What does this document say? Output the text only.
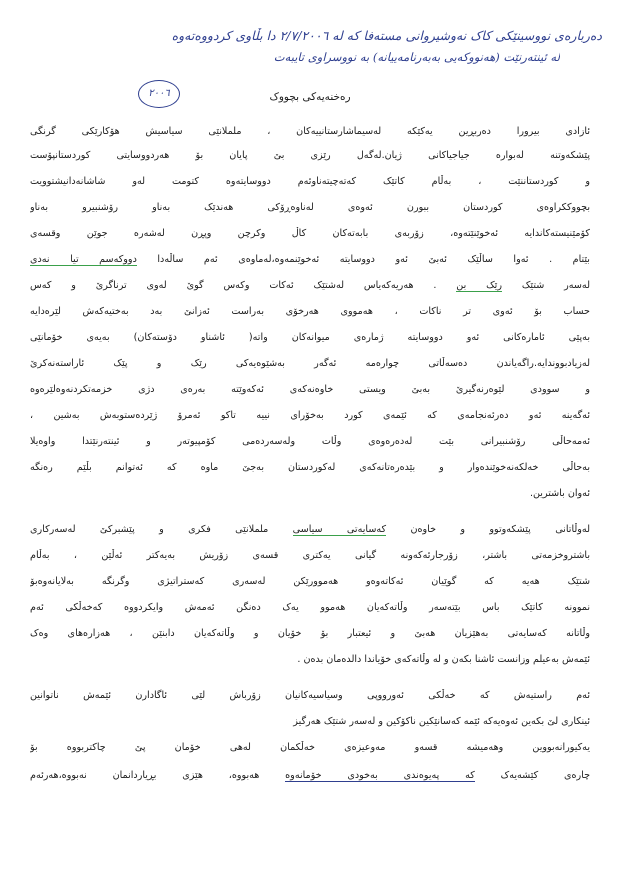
دەربارەی نووسینێکی کاک نەوشیروانی مستەفا کە لە ٢/٧/٢٠٠٦ دا بڵاوی کردووەتەوە
لە ئینتەرنێت (هەنووکەیی بەبەرنامەییانە) بە نووسراوی تایبەت
٢٠٠٦	رەخنەیەکی بچووک
ئازادی بیرورا دەربڕین یەکێکە لەسیماشارستانییەکان ، ململانێی سیاسیش هۆکارێکی گرنگی
پێشکەوتنە لەبواره جیاجیاکانی ژیان.لەگەل رێزی بێ پایان بۆ هەردووسایتی کوردستانپۆست
و کوردستاننێت ، بەڵام کاتێک کەتەچیتەناوئەم دووسایتەوە کتومت لەو شاشانەدانیشتوویت
بچووککراوەی کوردستان ببورن ئەوەی لەناوەڕۆکی هەندێک بەناو رۆشنبیرو بەناو
کۆمێنیستەکاندایە ئەخوێنێتەوە، زۆربەی بابەتەکان کاڵ وکرچن وپڕن لەشەرە جوێن وقسەی
بێتام . ئەوا ساڵێک ئەبێ ئەو دووسایتە ئەخوێنمەوە،لەماوەی ئەم ساڵەدا دووکەسم تیا نەدی
لەسەر شتێک رێک بن . هەریەکەیاس لەشتێک ئەکات وکەس گوێ لەوی ترناگرێ و کەس
حساب بۆ ئەوی تر ناکات ، هەمووی هەرخۆی بەراست ئەزانێ بەد بەختیەکەش لێرەدایە
بەپێی ئامارەکانی ئەو دووسایتە ژمارەی میوانەکان واتە( ئاشناو دۆستەکان) بەیەی خۆمانێی
لەزیادبووندایە.راگەیاندن دەسەڵاتی چوارەمە ئەگەر بەشێوەیەکی رێک و پێک ئاراستەنەکرێ
و سوودی لێوەرنەگیرێ بەبێ ویستی خاوەنەکەی ئەکەوێتە بەرەی دژی خزمەتکردنەوەلێرەوە
ئەگەینە ئەو دەرئەنجامەی کە ئێمەی کورد بەخۆرای نییە تاکو ئەمرۆ ژێردەستوبەش بەشین ،
ئەمەحاڵی رۆشنبیرانی بێت لەدەرەوەی وڵات ولەسەردەمی کۆمپیوتەر و ئینتەرنێتدا واوەیلا
بەحاڵی خەلکەنەخوێندەوار و بێدەرەتانەکەی لەکوردستان بەجێ ماوە کە ئەتوانم بڵێم رەنگە
ئەوان باشترین.
لەوڵاتانی پێشکەوتوو و خاوەن کەسایەتی سیاسی ململانێی فکری و پێشبرکێ لەسەرکاری
باشتروخزمەتی باشتر، زۆرجارئەکەونە گیانی یەکتری قسەی زۆریش بەیەکتر ئەڵێن ، بەڵام
شتێک هەیە کە گوێیان ئەکاتەوەو هەموورێکن لەسەری کەستراتیژی وگرنگە بەلایانەوەبۆ
نموونە کاتێک باس بێتەسەر وڵاتەکەیان هەموو یەک دەنگن ئەمەش وایکردووە کەخەڵکی ئەم
وڵاتانە کەسایەتی بەهێزیان هەبێ و ئیعتبار بۆ خۆیان و وڵاتەکەیان دابنێن ، هەزارەهای وەک
ئێمەش بەعیلم وزانست ئاشنا بکەن و لە وڵاتەکەی خۆیاندا دالدەمان بدەن .
ئەم راستیەش کە خەڵکی ئەورووپی وسیاسیەکانیان زۆرباش لێی ئاگادارن ئێمەش ناتوانین
ئینکاری لێ بکەین ئەوەیەکە ئێمە کەسانێکین ناکۆکین و لەسەر شتێک هەرگیز
یەکیورانەبووین وهەمیشە قسەو مەوعیزەی خەڵکمان لەهی خۆمان پێ چاکتربووە بۆ
چارەی کێشەیەک کە پەیوەندی بەخودی خۆمانەوە هەبووە، هێزی بڕیاردانمان نەبووە،هەرئەم
